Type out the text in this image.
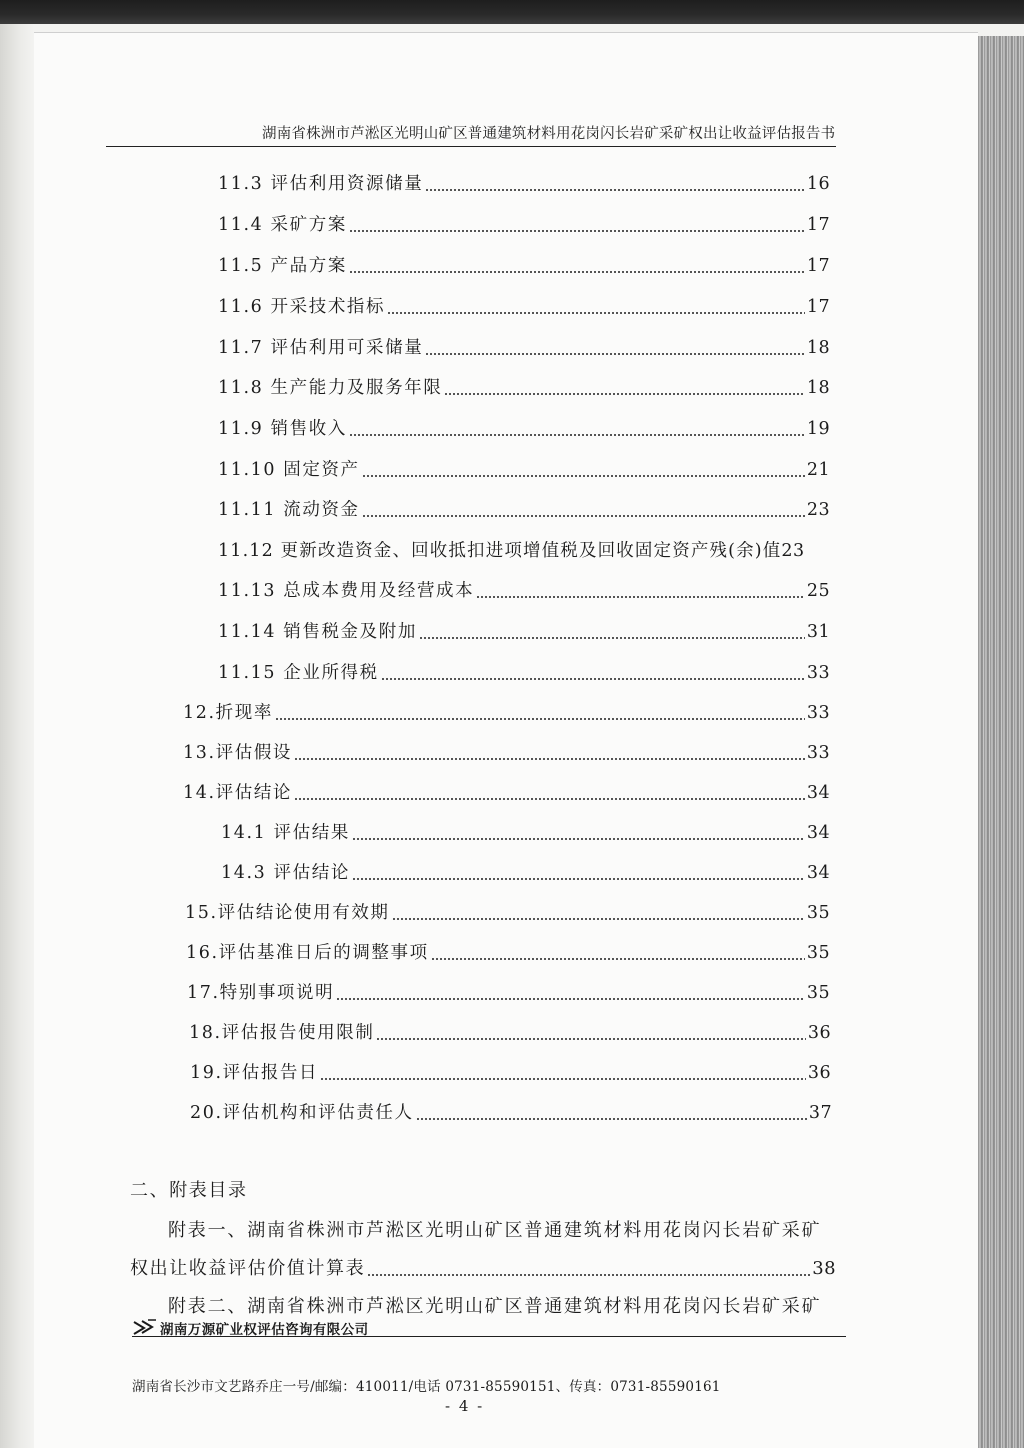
湖南省株洲市芦淞区光明山矿区普通建筑材料用花岗闪长岩矿采矿权出让收益评估报告书
11.3 评估利用资源储量	16
11.4 采矿方案	17
11.5 产品方案	17
11.6 开采技术指标	17
11.7 评估利用可采储量	18
11.8 生产能力及服务年限	18
11.9 销售收入	19
11.10 固定资产	21
11.11 流动资金	23
11.12 更新改造资金、回收抵扣进项增值税及回收固定资产残(余)值 23
11.13 总成本费用及经营成本	25
11.14 销售税金及附加	31
11.15 企业所得税	33
12.折现率	33
13.评估假设	33
14.评估结论	34
14.1 评估结果	34
14.3 评估结论	34
15.评估结论使用有效期	35
16.评估基准日后的调整事项	35
17.特别事项说明	35
18.评估报告使用限制	36
19.评估报告日	36
20.评估机构和评估责任人	37
二、附表目录
附表一、湖南省株洲市芦淞区光明山矿区普通建筑材料用花岗闪长岩矿采矿
权出让收益评估价值计算表	38
附表二、湖南省株洲市芦淞区光明山矿区普通建筑材料用花岗闪长岩矿采矿
湖南万源矿业权评估咨询有限公司
湖南省长沙市文艺路乔庄一号/邮编：410011/电话 0731-85590151、传真：0731-85590161
- 4 -
